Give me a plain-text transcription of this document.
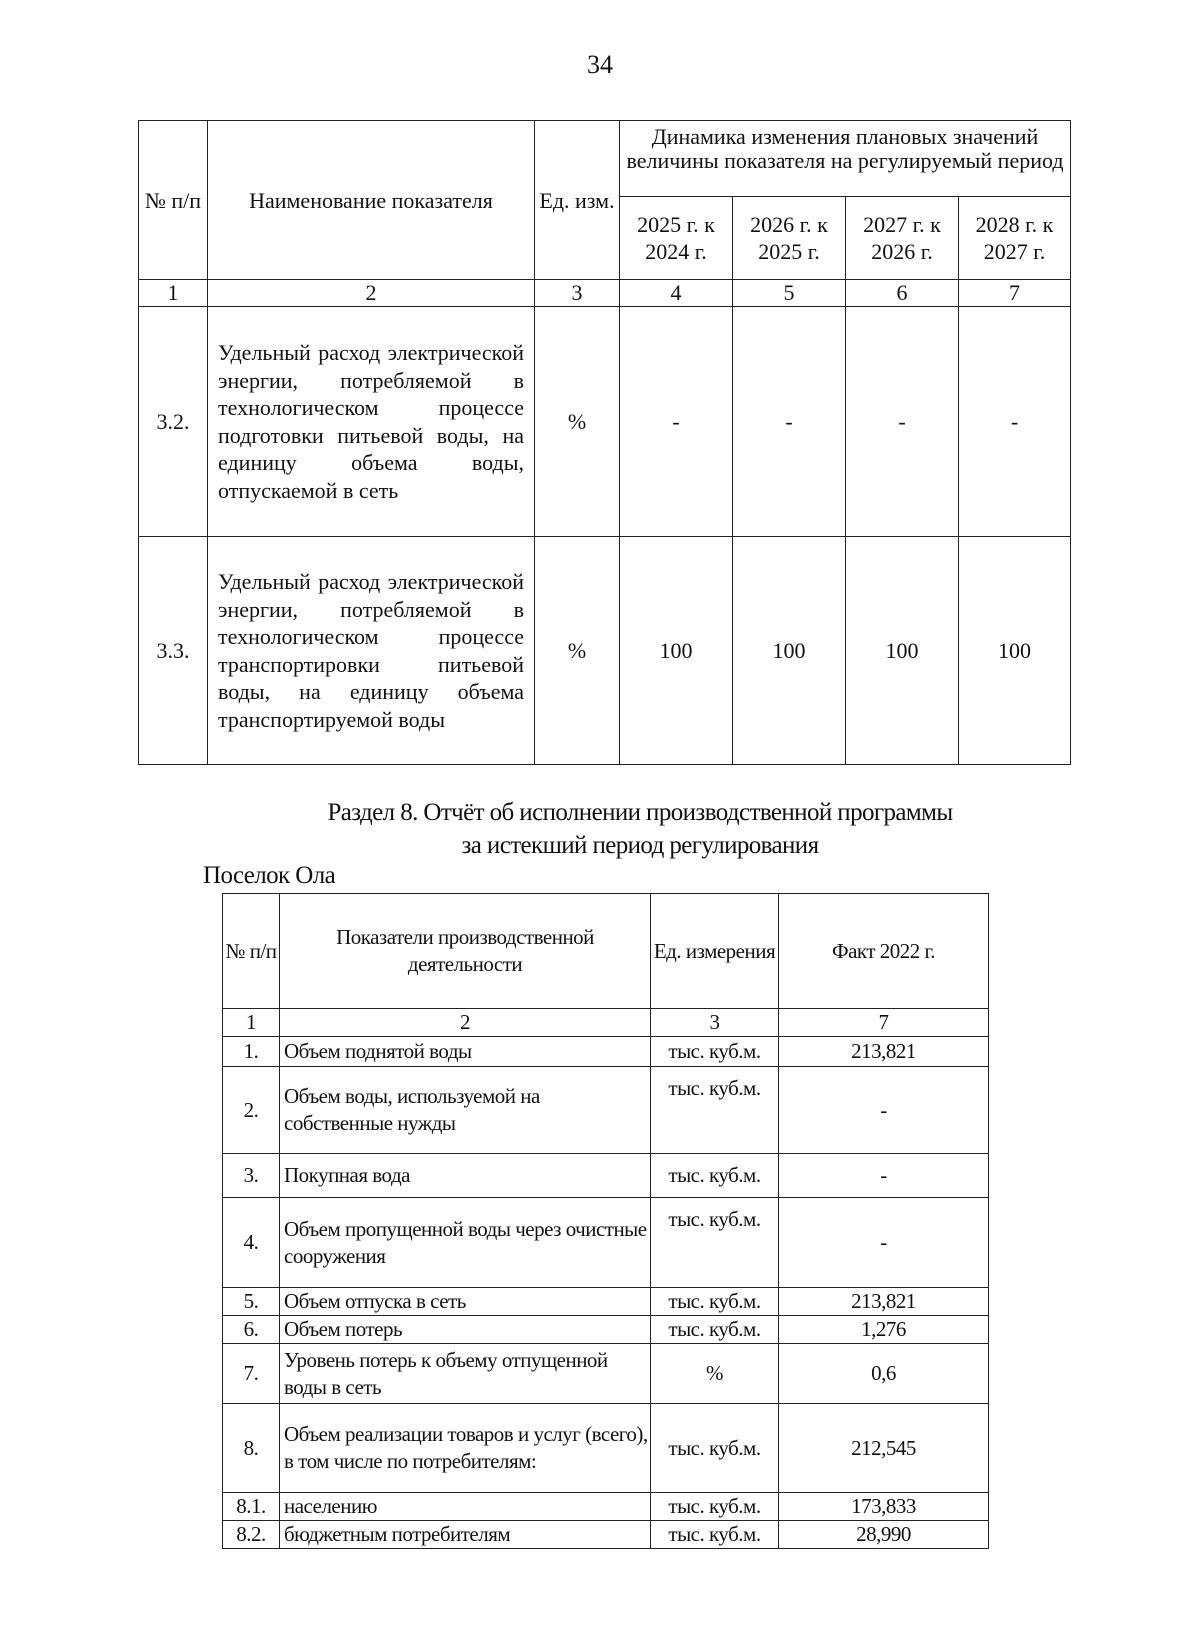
34
№ п/п	Наименование показателя	Ед. изм.	Динамика изменения плановых значений величины показателя на регулируемый период			
			2025 г. к 2024 г.	2026 г. к 2025 г.	2027 г. к 2026 г.	2028 г. к 2027 г.
1	2	3	4	5	6	7
3.2.	Удельный расход электрической энергии, потребляемой в технологическом процессе подготовки питьевой воды, на единицу объема воды, отпускаемой в сеть	%	-	-	-	-
3.3.	Удельный расход электрической энергии, потребляемой в технологическом процессе транспортировки питьевой воды, на единицу объема транспортируемой воды	%	100	100	100	100
Раздел 8. Отчёт об исполнении производственной программы
за истекший период регулирования
Поселок Ола
№ п/п	Показатели производственной деятельности	Ед. измерения	Факт 2022 г.
1	2	3	7
1.	Объем поднятой воды	тыс. куб.м.	213,821
2.	Объем воды, используемой на собственные нужды	тыс. куб.м.	-
3.	Покупная вода	тыс. куб.м.	-
4.	Объем пропущенной воды через очистные сооружения	тыс. куб.м.	-
5.	Объем отпуска в сеть	тыс. куб.м.	213,821
6.	Объем потерь	тыс. куб.м.	1,276
7.	Уровень потерь к объему отпущенной воды в сеть	%	0,6
8.	Объем реализации товаров и услуг (всего), в том числе по потребителям:	тыс. куб.м.	212,545
8.1.	населению	тыс. куб.м.	173,833
8.2.	бюджетным потребителям	тыс. куб.м.	28,990
